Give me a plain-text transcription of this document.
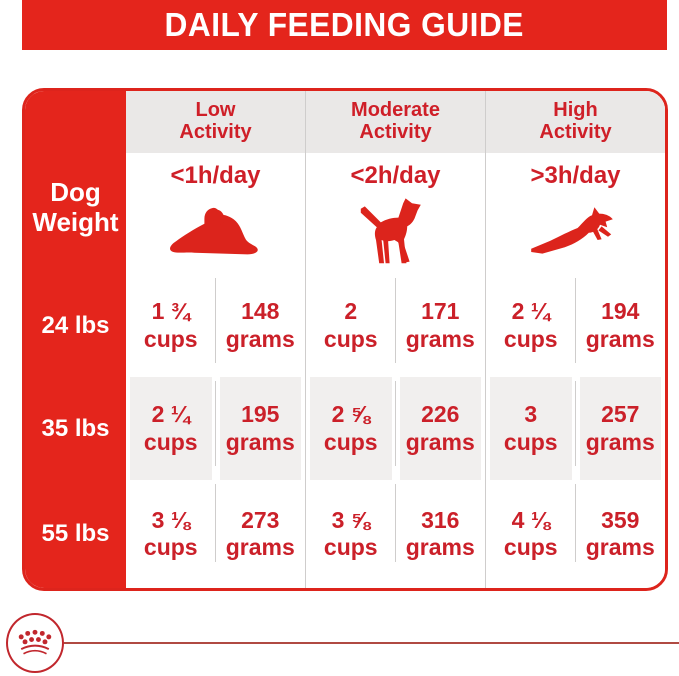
DAILY FEEDING GUIDE
Dog
Weight
24 lbs
35 lbs
55 lbs
Low
Activity
<1h/day
1 ¾
cups
148
grams
2 ¼
cups
195
grams
3 ⅛
cups
273
grams
Moderate
Activity
<2h/day
2
cups
171
grams
2 ⅝
cups
226
grams
3 ⅝
cups
316
grams
High
Activity
>3h/day
2 ¼
cups
194
grams
3
cups
257
grams
4 ⅛
cups
359
grams
